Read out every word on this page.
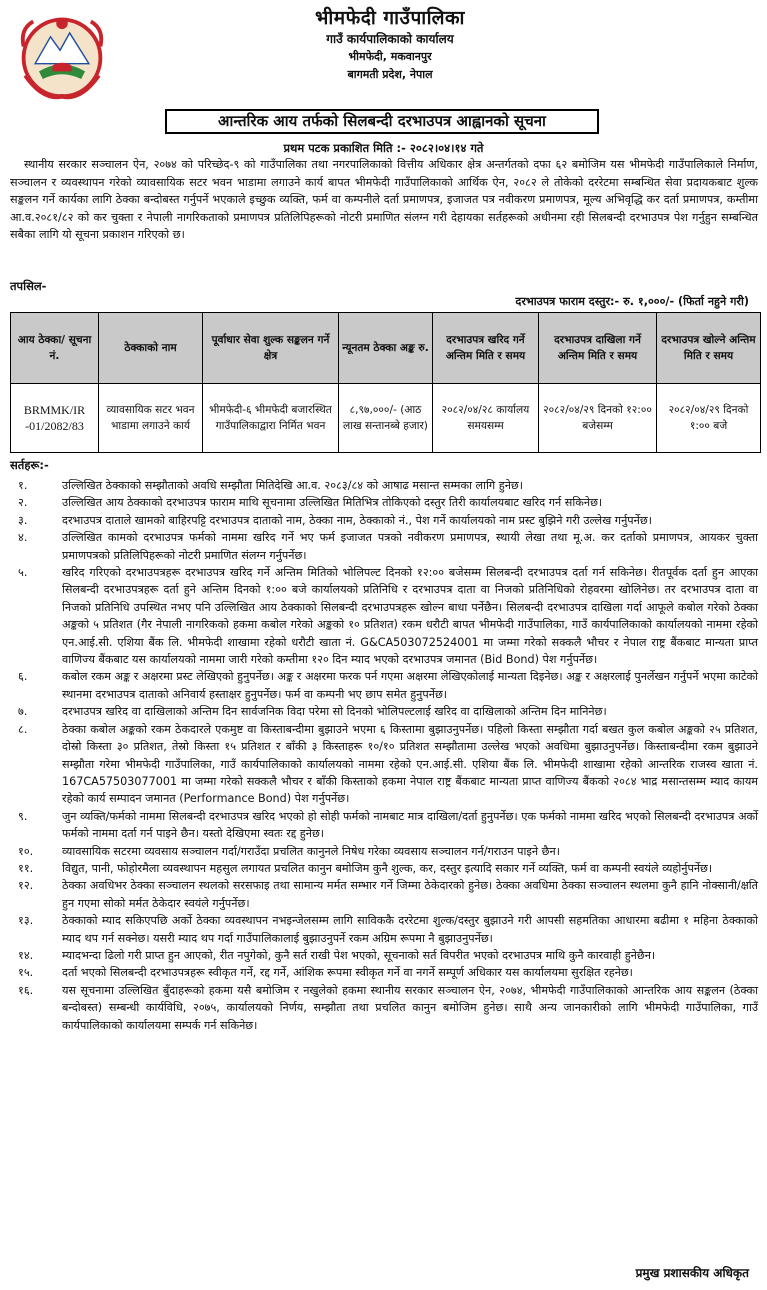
भीमफेदी गाउँपालिका
गाउँ कार्यपालिकाको कार्यालय
भीमफेदी, मकवानपुर
बागमती प्रदेश, नेपाल
आन्तरिक आय तर्फको सिलबन्दी दरभाउपत्र आह्वानको सूचना
प्रथम पटक प्रकाशित मिति :- २०८२।०४।१४ गते
स्थानीय सरकार सञ्चालन ऐन, २०७४ को परिच्छेद-९ को गाउँपालिका तथा नगरपालिकाको वित्तीय अधिकार क्षेत्र अन्तर्गतको दफा ६२ बमोजिम यस भीमफेदी गाउँपालिकाले निर्माण, सञ्चालन र व्यवस्थापन गरेको व्यावसायिक सटर भवन भाडामा लगाउने कार्य बापत भीमफेदी गाउँपालिकाको आर्थिक ऐन, २०८२ ले तोकेको दररेटमा सम्बन्धित सेवा प्रदायकबाट शुल्क सङ्कलन गर्ने कार्यका लागि ठेक्का बन्दोबस्त गर्नुपर्ने भएकाले इच्छुक व्यक्ति, फर्म वा कम्पनीले दर्ता प्रमाणपत्र, इजाजत पत्र नवीकरण प्रमाणपत्र, मूल्य अभिवृद्धि कर दर्ता प्रमाणपत्र, कम्तीमा आ.व.२०८१/८२ को कर चुक्ता र नेपाली नागरिकताको प्रमाणपत्र प्रतिलिपिहरूको नोटरी प्रमाणित संलग्न गरी देहायका सर्तहरूको अधीनमा रही सिलबन्दी दरभाउपत्र पेश गर्नुहुन सम्बन्धित सबैका लागि यो सूचना प्रकाशन गरिएको छ।
तपसिल-
दरभाउपत्र फाराम दस्तुर:- रु. १,०००/- (फिर्ता नहुने गरी)
आय ठेक्का/ सूचना नं.	ठेक्काको नाम	पूर्वाधार सेवा शुल्क सङ्कलन गर्ने क्षेत्र	न्यूनतम ठेक्का अङ्क रु.	दरभाउपत्र खरिद गर्ने अन्तिम मिति र समय	दरभाउपत्र दाखिला गर्ने अन्तिम मिति र समय	दरभाउपत्र खोल्ने अन्तिम मिति र समय
BRMMK/IR -01/2082/83	व्यावसायिक सटर भवन भाडामा लगाउने कार्य	भीमफेदी-६ भीमफेदी बजारस्थित गाउँपालिकाद्वारा निर्मित भवन	८,९७,०००/- (आठ लाख सन्तानब्बे हजार)	२०८२/०४/२८ कार्यालय समयसम्म	२०८२/०४/२९ दिनको १२:०० बजेसम्म	२०८२/०४/२९ दिनको १:०० बजे
सर्तहरू:-
१.	उल्लिखित ठेक्काको सम्झौताको अवधि सम्झौता मितिदेखि आ.व. २०८३/८४ को आषाढ मसान्त सम्मका लागि हुनेछ।
२.	उल्लिखित आय ठेक्काको दरभाउपत्र फाराम माथि सूचनामा उल्लिखित मितिभित्र तोकिएको दस्तुर तिरी कार्यालयबाट खरिद गर्न सकिनेछ।
३.	दरभाउपत्र दाताले खामको बाहिरपट्टि दरभाउपत्र दाताको नाम, ठेक्का नाम, ठेक्काको नं., पेश गर्ने कार्यालयको नाम प्रस्ट बुझिने गरी उल्लेख गर्नुपर्नेछ।
४.	उल्लिखित कामको दरभाउपत्र फर्मको नाममा खरिद गर्ने भए फर्म इजाजत पत्रको नवीकरण प्रमाणपत्र, स्थायी लेखा तथा मू.अ. कर दर्ताको प्रमाणपत्र, आयकर चुक्ता प्रमाणपत्रको प्रतिलिपिहरूको नोटरी प्रमाणित संलग्न गर्नुपर्नेछ।
५.	खरिद गरिएको दरभाउपत्रहरू दरभाउपत्र खरिद गर्ने अन्तिम मितिको भोलिपल्ट दिनको १२:०० बजेसम्म सिलबन्दी दरभाउपत्र दर्ता गर्न सकिनेछ। रीतपूर्वक दर्ता हुन आएका सिलबन्दी दरभाउपत्रहरू दर्ता हुने अन्तिम दिनको १:०० बजे कार्यालयको प्रतिनिधि र दरभाउपत्र दाता वा निजको प्रतिनिधिको रोहवरमा खोलिनेछ। तर दरभाउपत्र दाता वा निजको प्रतिनिधि उपस्थित नभए पनि उल्लिखित आय ठेक्काको सिलबन्दी दरभाउपत्रहरू खोल्न बाधा पर्नेछैन। सिलबन्दी दरभाउपत्र दाखिला गर्दा आफूले कबोल गरेको ठेक्का अङ्कको ५ प्रतिशत (गैर नेपाली नागरिकको हकमा कबोल गरेको अङ्कको १० प्रतिशत) रकम धरौटी बापत भीमफेदी गाउँपालिका, गाउँ कार्यपालिकाको कार्यालयको नाममा रहेको एन.आई.सी. एशिया बैंक लि. भीमफेदी शाखामा रहेको धरौटी खाता नं. G&CA503072524001 मा जम्मा गरेको सक्कलै भौचर र नेपाल राष्ट्र बैंकबाट मान्यता प्राप्त वाणिज्य बैंकबाट यस कार्यालयको नाममा जारी गरेको कम्तीमा १२० दिन म्याद भएको दरभाउपत्र जमानत (Bid Bond) पेश गर्नुपर्नेछ।
६.	कबोल रकम अङ्क र अक्षरमा प्रस्ट लेखिएको हुनुपर्नेछ। अङ्क र अक्षरमा फरक पर्न गएमा अक्षरमा लेखिएकोलाई मान्यता दिइनेछ। अङ्क र अक्षरलाई पुनर्लेखन गर्नुपर्ने भएमा काटेको स्थानमा दरभाउपत्र दाताको अनिवार्य हस्ताक्षर हुनुपर्नेछ। फर्म वा कम्पनी भए छाप समेत हुनुपर्नेछ।
७.	दरभाउपत्र खरिद वा दाखिलाको अन्तिम दिन सार्वजनिक विदा परेमा सो दिनको भोलिपल्टलाई खरिद वा दाखिलाको अन्तिम दिन मानिनेछ।
८.	ठेक्का कबोल अङ्कको रकम ठेकदारले एकमुष्ट वा किस्ताबन्दीमा बुझाउने भएमा ६ किस्तामा बुझाउनुपर्नेछ। पहिलो किस्ता सम्झौता गर्दा बखत कुल कबोल अङ्कको २५ प्रतिशत, दोस्रो किस्ता ३० प्रतिशत, तेस्रो किस्ता १५ प्रतिशत र बाँकी ३ किस्ताहरू १०/१० प्रतिशत सम्झौतामा उल्लेख भएको अवधिमा बुझाउनुपर्नेछ। किस्ताबन्दीमा रकम बुझाउने सम्झौता गरेमा भीमफेदी गाउँपालिका, गाउँ कार्यपालिकाको कार्यालयको नाममा रहेको एन.आई.सी. एशिया बैंक लि. भीमफेदी शाखामा रहेको आन्तरिक राजस्व खाता नं. 167CA57503077001 मा जम्मा गरेको सक्कलै भौचर र बाँकी किस्ताको हकमा नेपाल राष्ट्र बैंकबाट मान्यता प्राप्त वाणिज्य बैंकको २०८४ भाद्र मसान्तसम्म म्याद कायम रहेको कार्य सम्पादन जमानत (Performance Bond) पेश गर्नुपर्नेछ।
९.	जुन व्यक्ति/फर्मको नाममा सिलबन्दी दरभाउपत्र खरिद भएको हो सोही फर्मको नामबाट मात्र दाखिला/दर्ता हुनुपर्नेछ। एक फर्मको नाममा खरिद भएको सिलबन्दी दरभाउपत्र अर्को फर्मको नाममा दर्ता गर्न पाइने छैन। यस्तो देखिएमा स्वतः रद्द हुनेछ।
१०.	व्यावसायिक सटरमा व्यवसाय सञ्चालन गर्दा/गराउँदा प्रचलित कानुनले निषेध गरेका व्यवसाय सञ्चालन गर्न/गराउन पाइने छैन।
११.	विद्युत, पानी, फोहोरमैला व्यवस्थापन महसुल लगायत प्रचलित कानुन बमोजिम कुनै शुल्क, कर, दस्तुर इत्यादि सकार गर्ने व्यक्ति, फर्म वा कम्पनी स्वयंले व्यहोर्नुपर्नेछ।
१२.	ठेक्का अवधिभर ठेक्का सञ्चालन स्थलको सरसफाइ तथा सामान्य मर्मत सम्भार गर्ने जिम्मा ठेकेदारको हुनेछ। ठेक्का अवधिमा ठेक्का सञ्चालन स्थलमा कुनै हानि नोक्सानी/क्षति हुन गएमा सोको मर्मत ठेकेदार स्वयंले गर्नुपर्नेछ।
१३.	ठेक्काको म्याद सकिएपछि अर्को ठेक्का व्यवस्थापन नभइन्जेलसम्म लागि साविककै दररेटमा शुल्क/दस्तुर बुझाउने गरी आपसी सहमतिका आधारमा बढीमा १ महिना ठेक्काको म्याद थप गर्न सक्नेछ। यसरी म्याद थप गर्दा गाउँपालिकालाई बुझाउनुपर्ने रकम अग्रिम रूपमा नै बुझाउनुपर्नेछ।
१४.	म्यादभन्दा ढिलो गरी प्राप्त हुन आएको, रीत नपुगेको, कुनै सर्त राखी पेश भएको, सूचनाको सर्त विपरीत भएको दरभाउपत्र माथि कुनै कारवाही हुनेछैन।
१५.	दर्ता भएको सिलबन्दी दरभाउपत्रहरू स्वीकृत गर्ने, रद्द गर्ने, आंशिक रूपमा स्वीकृत गर्ने वा नगर्ने सम्पूर्ण अधिकार यस कार्यालयमा सुरक्षित रहनेछ।
१६.	यस सूचनामा उल्लिखित बुँदाहरूको हकमा यसै बमोजिम र नखुलेको हकमा स्थानीय सरकार सञ्चालन ऐन, २०७४, भीमफेदी गाउँपालिकाको आन्तरिक आय सङ्कलन (ठेक्का बन्दोबस्त) सम्बन्धी कार्यविधि, २०७५, कार्यालयको निर्णय, सम्झौता तथा प्रचलित कानुन बमोजिम हुनेछ। साथै अन्य जानकारीको लागि भीमफेदी गाउँपालिका, गाउँ कार्यपालिकाको कार्यालयमा सम्पर्क गर्न सकिनेछ।
प्रमुख प्रशासकीय अधिकृत
